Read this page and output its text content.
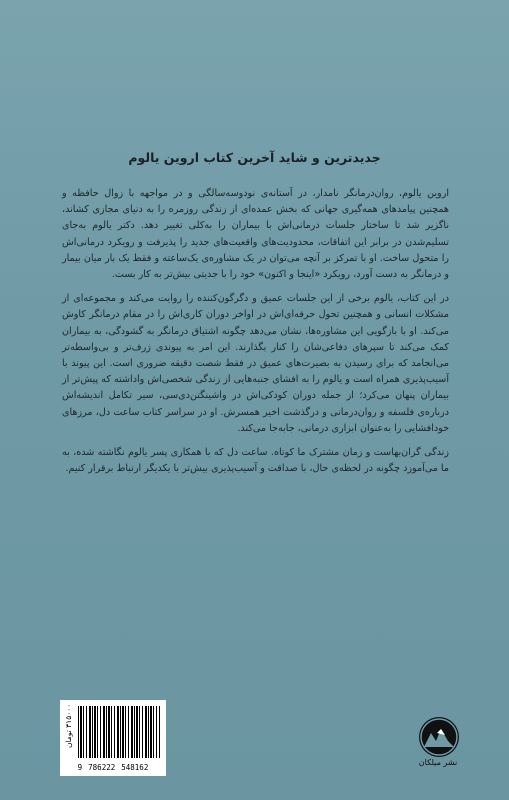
جدیدترین و شاید آخرین کتاب اروین یالوم

اروین یالوم، روان‌درمانگر نامدار، در آستانه‌ی نودوسه‌سالگی و در مواجهه با زوال حافظه و همچنین پیامدهای همه‌گیری جهانی که بخش عمده‌ای از زندگی روزمره را به دنیای مجازی کشاند، ناگزیر شد تا ساختار جلسات درمانی‌اش با بیماران را به‌کلی تغییر دهد. دکتر یالوم به‌جای تسلیم‌شدن در برابر این اتفاقات، محدودیت‌های واقعیت‌های جدید را پذیرفت و رویکرد درمانی‌اش را متحول ساخت. او با تمرکز بر آنچه می‌توان در یک مشاوره‌ی یک‌ساعته و فقط یک بار میان بیمار و درمانگر به دست آورد، رویکرد «اینجا و اکنون» خود را با جدیتی بیش‌تر به کار بست.

در این کتاب، یالوم برخی از این جلسات عمیق و دگرگون‌کننده را روایت می‌کند و مجموعه‌ای از مشکلات انسانی و همچنین تحول حرفه‌ای‌اش در اواخر دوران کاری‌اش را در مقام درمانگر کاوش می‌کند. او با بازگویی این مشاوره‌ها، نشان می‌دهد چگونه اشتیاق درمانگر به گشودگی، به بیماران کمک می‌کند تا سپرهای دفاعی‌شان را کنار بگذارند. این امر به پیوندی ژرف‌تر و بی‌واسطه‌تر می‌انجامد که برای رسیدن به بصیرت‌های عمیق در فقط شصت دقیقه ضروری است. این پیوند با آسیب‌پذیری همراه است و یالوم را به افشای جنبه‌هایی از زندگی شخصی‌اش واداشته که پیش‌تر از بیماران پنهان می‌کرد؛ از جمله دوران کودکی‌اش در واشینگتن‌دی‌سی، سیر تکامل اندیشه‌اش درباره‌ی فلسفه و روان‌درمانی و درگذشت اخیر همسرش. او در سراسر کتاب ساعت دل، مرزهای خودافشایی را به‌عنوان ابزاری درمانی، جابه‌جا می‌کند.

زندگی گران‌بهاست و زمان مشترک ما کوتاه. ساعت دل که با همکاری پسر یالوم نگاشته شده، به ما می‌آموزد چگونه در لحظه‌ی حال، با صداقت و آسیب‌پذیری بیش‌تر با یکدیگر ارتباط برقرار کنیم.

۳۱۵۰۰۰ تومان
9 786222 548162
نشر میلکان
